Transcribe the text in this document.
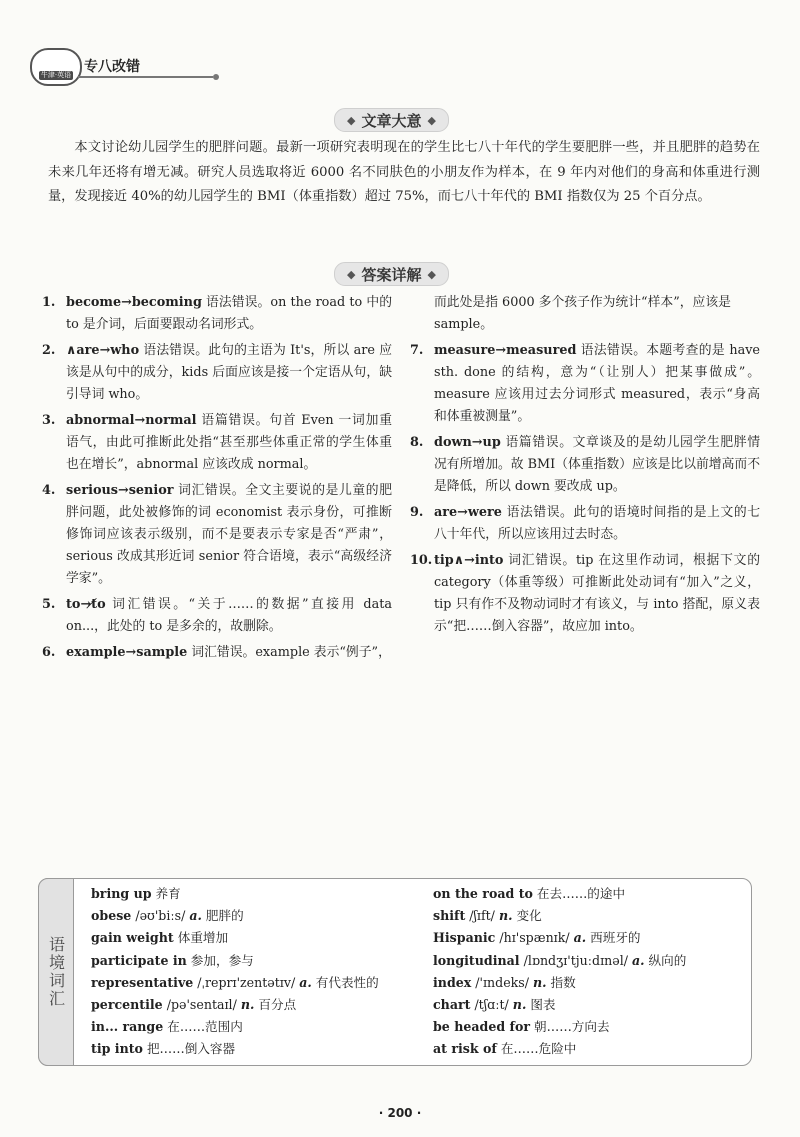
牛津·英语 专八改错
◆ 文章大意 ◆

本文讨论幼儿园学生的肥胖问题。最新一项研究表明现在的学生比七八十年代的学生要肥胖一些，并且肥胖的趋势在未来几年还将有增无减。研究人员选取将近 6000 名不同肤色的小朋友作为样本，在 9 年内对他们的身高和体重进行测量，发现接近 40%的幼儿园学生的 BMI（体重指数）超过 75%，而七八十年代的 BMI 指数仅为 25 个百分点。

◆ 答案详解 ◆
1. become→becoming 语法错误。on the road to 中的 to 是介词，后面要跟动名词形式。
2. ∧are→who 语法错误。此句的主语为 It's，所以 are 应该是从句中的成分，kids 后面应该是接一个定语从句，缺引导词 who。
3. abnormal→normal 语篇错误。句首 Even 一词加重语气，由此可推断此处指“甚至那些体重正常的学生体重也在增长”，abnormal 应该改成 normal。
4. serious→senior 词汇错误。全文主要说的是儿童的肥胖问题，此处被修饰的词 economist 表示身份，可推断修饰词应该表示级别，而不是要表示专家是否“严肃”，serious 改成其形近词 senior 符合语境，表示“高级经济学家”。
5. to→t̸o 词汇错误。“关于……的数据”直接用 data on...，此处的 to 是多余的，故删除。
6. example→sample 词汇错误。example 表示“例子”，
而此处是指 6000 多个孩子作为统计“样本”，应该是 sample。
7. measure→measured 语法错误。本题考查的是 have sth. done 的结构，意为“（让别人）把某事做成”。measure 应该用过去分词形式 measured，表示“身高和体重被测量”。
8. down→up 语篇错误。文章谈及的是幼儿园学生肥胖情况有所增加。故 BMI（体重指数）应该是比以前增高而不是降低，所以 down 要改成 up。
9. are→were 语法错误。此句的语境时间指的是上文的七八十年代，所以应该用过去时态。
10. tip∧→into 词汇错误。tip 在这里作动词，根据下文的 category（体重等级）可推断此处动词有“加入”之义，tip 只有作不及物动词时才有该义，与 into 搭配，原义表示“把……倒入容器”，故应加 into。
语境词汇
bring up 养育
obese /əʊ'biːs/ a. 肥胖的
gain weight 体重增加
participate in 参加，参与
representative /ˌreprɪ'zentətɪv/ a. 有代表性的
percentile /pə'sentaɪl/ n. 百分点
in... range 在……范围内
tip into 把……倒入容器
on the road to 在去……的途中
shift /ʃɪft/ n. 变化
Hispanic /hɪ'spænɪk/ a. 西班牙的
longitudinal /lɒndʒɪ'tjuːdɪnəl/ a. 纵向的
index /'ɪndeks/ n. 指数
chart /tʃɑːt/ n. 图表
be headed for 朝……方向去
at risk of 在……危险中
· 200 ·
